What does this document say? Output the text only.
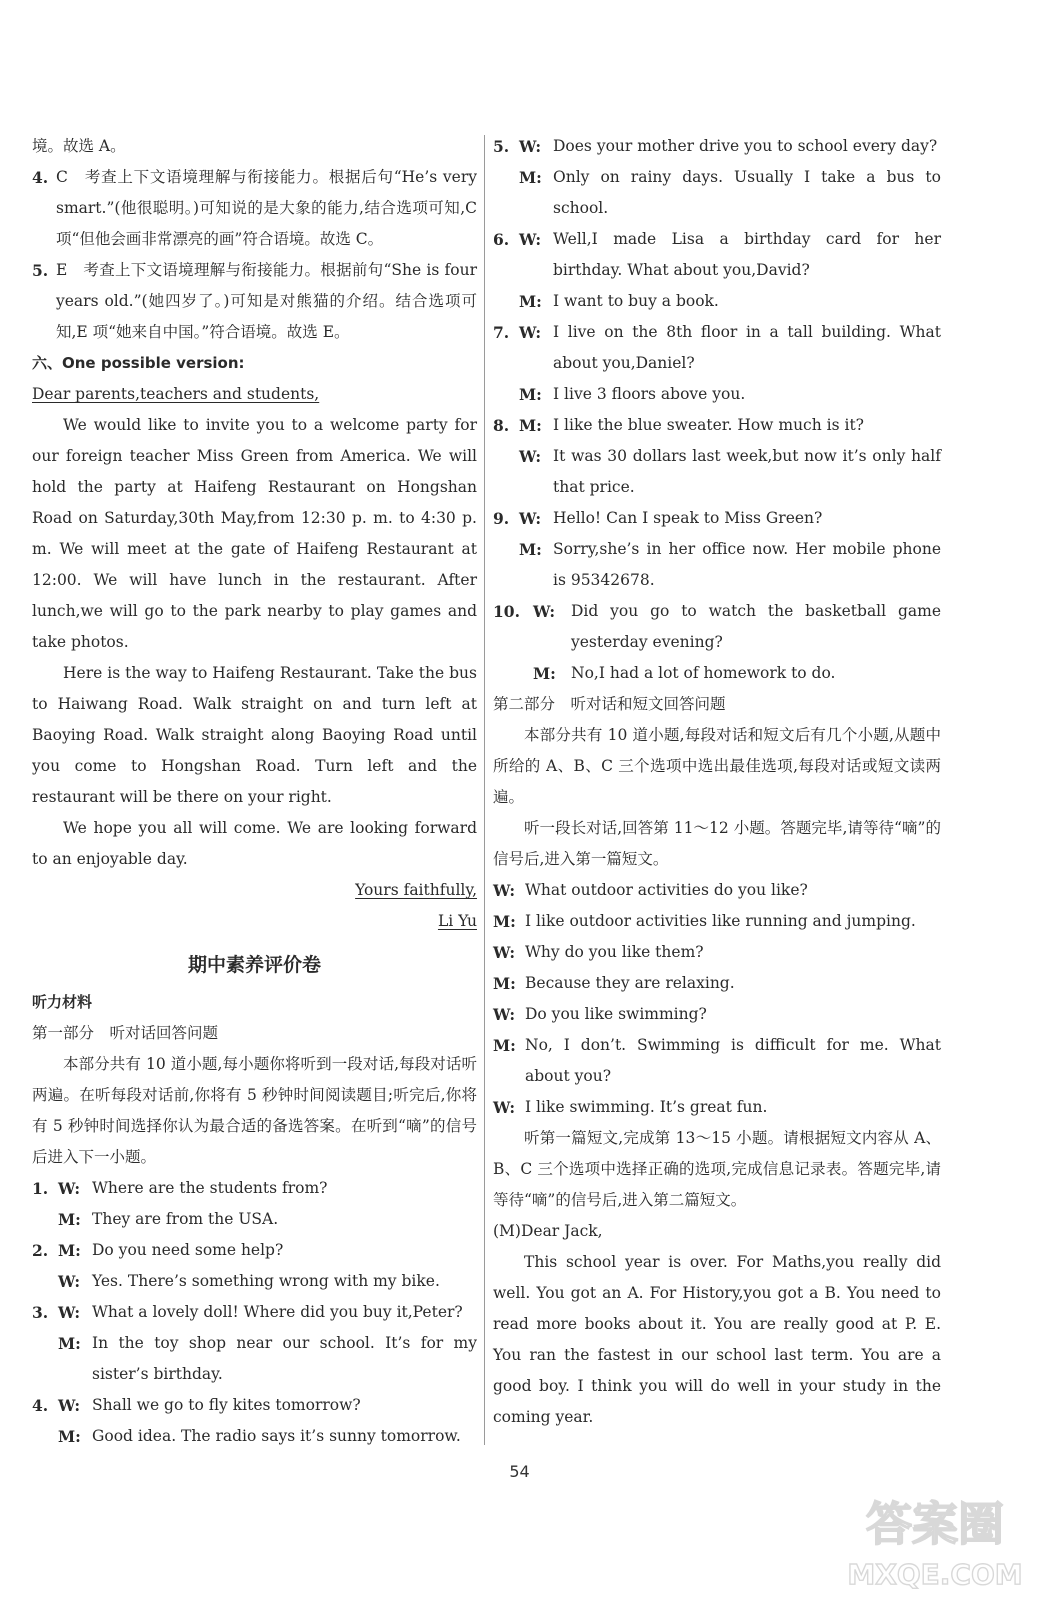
境。故选 A。

4. C　考查上下文语境理解与衔接能力。根据后句“He’s very smart.”(他很聪明。)可知说的是大象的能力,结合选项可知,C 项“但他会画非常漂亮的画”符合语境。故选 C。
5. E　考查上下文语境理解与衔接能力。根据前句“She is four years old.”(她四岁了。)可知是对熊猫的介绍。结合选项可知,E 项“她来自中国。”符合语境。故选 E。

六、One possible version:

Dear parents,teachers and students,

We would like to invite you to a welcome party for our foreign teacher Miss Green from America. We will hold the party at Haifeng Restaurant on Hongshan Road on Saturday,30th May,from 12:30 p. m. to 4:30 p. m. We will meet at the gate of Haifeng Restaurant at 12:00. We will have lunch in the restaurant. After lunch,we will go to the park nearby to play games and take photos.

Here is the way to Haifeng Restaurant. Take the bus to Haiwang Road. Walk straight on and turn left at Baoying Road. Walk straight along Baoying Road until you come to Hongshan Road. Turn left and the restaurant will be there on your right.

We hope you all will come. We are looking forward to an enjoyable day.

Yours faithfully,

Li Yu

期中素养评价卷

听力材料

第一部分　听对话回答问题

本部分共有 10 道小题,每小题你将听到一段对话,每段对话听两遍。在听每段对话前,你将有 5 秒钟时间阅读题目;听完后,你将有 5 秒钟时间选择你认为最合适的备选答案。在听到“嘀”的信号后进入下一小题。

1. W: Where are the students from?
M: They are from the USA.
2. M: Do you need some help?
W: Yes. There’s something wrong with my bike.
3. W: What a lovely doll! Where did you buy it,Peter?
M: In the toy shop near our school. It’s for my sister’s birthday.
4. W: Shall we go to fly kites tomorrow?
M: Good idea. The radio says it’s sunny tomorrow.
5. W: Does your mother drive you to school every day?
M: Only on rainy days. Usually I take a bus to school.
6. W: Well,I made Lisa a birthday card for her birthday. What about you,David?
M: I want to buy a book.
7. W: I live on the 8th floor in a tall building. What about you,Daniel?
M: I live 3 floors above you.
8. M: I like the blue sweater. How much is it?
W: It was 30 dollars last week,but now it’s only half that price.
9. W: Hello! Can I speak to Miss Green?
M: Sorry,she’s in her office now. Her mobile phone is 95342678.
10. W:	Did you go to watch the basketball game yesterday evening?
M: No,I had a lot of homework to do.

第二部分　听对话和短文回答问题

本部分共有 10 道小题,每段对话和短文后有几个小题,从题中所给的 A、B、C 三个选项中选出最佳选项,每段对话或短文读两遍。

听一段长对话,回答第 11～12 小题。答题完毕,请等待“嘀”的信号后,进入第一篇短文。

W: What outdoor activities do you like?
M: I like outdoor activities like running and jumping.
W: Why do you like them?
M: Because they are relaxing.
W: Do you like swimming?
M: No, I don’t. Swimming is difficult for me. What about you?
W: I like swimming. It’s great fun.

听第一篇短文,完成第 13～15 小题。请根据短文内容从 A、B、C 三个选项中选择正确的选项,完成信息记录表。答题完毕,请等待“嘀”的信号后,进入第二篇短文。

(M)Dear Jack,

This school year is over. For Maths,you really did well. You got an A. For History,you got a B. You need to read more books about it. You are really good at P. E. You ran the fastest in our school last term. You are a good boy. I think you will do well in your study in the coming year.

54
答案圈
MXQE.COM
